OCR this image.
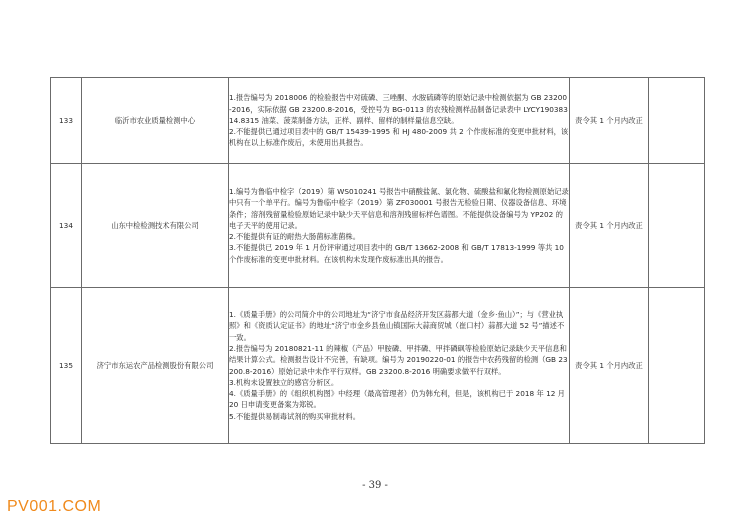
133	临沂市农业质量检测中心	1.报告编号为 2018006 的检验报告中对硫磷、三唑酮、水胺硫磷等的原始记录中检测依据为 GB 23200-2016，实际依据 GB 23200.8-2016，受控号为 BG-0113 的农残检测样品制备记录表中 LYCY19038314.8315 油菜、菠菜制备方法，正样、副样、留样的制样量信息空缺。
2.不能提供已通过项目表中的 GB/T 15439-1995 和 HJ 480-2009 共 2 个作废标准的变更申批材料，该机构在以上标准作废后，未使用出具报告。	责令其 1 个月内改正	
134	山东中检检测技术有限公司	1.编号为鲁临中检字（2019）第 WS010241 号报告中硝酸盐氮、氯化物、硫酸盐和氟化物检测原始记录中只有一个单平行。编号为鲁临中检字（2019）第 ZF030001 号报告无检验日期、仪器设备信息、环境条件；溶剂残留量检验原始记录中缺少天平信息和溶剂残留标样色谱图。不能提供设备编号为 YP202 的电子天平的使用记录。
2.不能提供有证的耐热大肠菌标准菌株。
3.不能提供已 2019 年 1 月份评审通过项目表中的 GB/T 13662-2008 和 GB/T 17813-1999 等共 10 个作废标准的变更申批材料。在该机构未发现作废标准出具的报告。	责令其 1 个月内改正	
135	济宁市东运农产品检测股份有限公司	1.《质量手册》的公司简介中的公司地址为“济宁市食品经济开发区蒜都大道（金乡·鱼山）”；与《营业执照》和《资质认定证书》的地址“济宁市金乡县鱼山镇国际大蒜商贸城（崔口村）蒜都大道 52 号”描述不一致。
2.报告编号为 20180821-11 的辣椒（产品）甲胺磷、甲拌磷、甲拌磷砜等检验原始记录缺少天平信息和结果计算公式。检测报告设计不完善，有缺项。编号为 20190220-01 的报告中农药残留的检测（GB 23200.8-2016）原始记录中未作平行双样。GB 23200.8-2016 明确要求做平行双样。
3.机构未设置独立的感官分析区。
4.《质量手册》的《组织机构图》中经理（最高管理者）仍为韩允利，但是，该机构已于 2018 年 12 月 20 日申请变更备案为郑锐。
5.不能提供易制毒试剂的购买审批材料。	责令其 1 个月内改正	
- 39 -
PV001.COM
